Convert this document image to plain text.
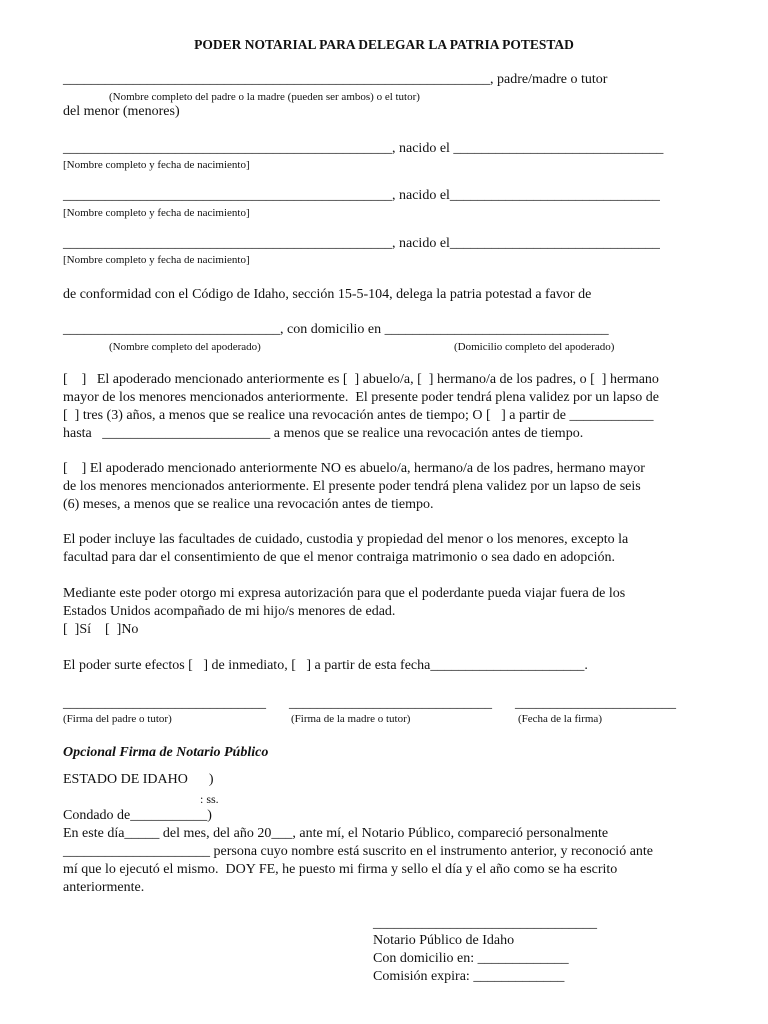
PODER NOTARIAL PARA DELEGAR LA PATRIA POTESTAD
_____________________________________________________________, padre/madre o tutor
(Nombre completo del padre o la madre (pueden ser ambos) o el tutor)
del menor (menores)
_______________________________________________, nacido el ______________________________
[Nombre completo y fecha de nacimiento]
_______________________________________________, nacido el______________________________
[Nombre completo y fecha de nacimiento]
_______________________________________________, nacido el______________________________
[Nombre completo y fecha de nacimiento]
de conformidad con el Código de Idaho, sección 15-5-104, delega la patria potestad a favor de
_______________________________, con domicilio en ________________________________
(Nombre completo del apoderado)	(Domicilio completo del apoderado)
[    ]   El apoderado mencionado anteriormente es [  ] abuelo/a, [  ] hermano/a de los padres, o [  ] hermano
mayor de los menores mencionados anteriormente.  El presente poder tendrá plena validez por un lapso de
[  ] tres (3) años, a menos que se realice una revocación antes de tiempo; O [   ] a partir de ____________
hasta   ________________________ a menos que se realice una revocación antes de tiempo.
[    ] El apoderado mencionado anteriormente NO es abuelo/a, hermano/a de los padres, hermano mayor
de los menores mencionados anteriormente. El presente poder tendrá plena validez por un lapso de seis
(6) meses, a menos que se realice una revocación antes de tiempo.
El poder incluye las facultades de cuidado, custodia y propiedad del menor o los menores, excepto la
facultad para dar el consentimiento de que el menor contraiga matrimonio o sea dado en adopción.
Mediante este poder otorgo mi expresa autorización para que el poderdante pueda viajar fuera de los
Estados Unidos acompañado de mi hijo/s menores de edad.
[  ]Sí    [  ]No
El poder surte efectos [   ] de inmediato, [   ] a partir de esta fecha______________________.
_____________________________ _____________________________ _______________________
(Firma del padre o tutor)	(Firma de la madre o tutor)	(Fecha de la firma)
Opcional Firma de Notario Público
ESTADO DE IDAHO      )
: ss.
Condado de___________)
En este día_____ del mes, del año 20___, ante mí, el Notario Público, compareció personalmente
_____________________ persona cuyo nombre está suscrito en el instrumento anterior, y reconoció ante
mí que lo ejecutó el mismo.  DOY FE, he puesto mi firma y sello el día y el año como se ha escrito
anteriormente.
________________________________
Notario Público de Idaho
Con domicilio en: _____________
Comisión expira: _____________
